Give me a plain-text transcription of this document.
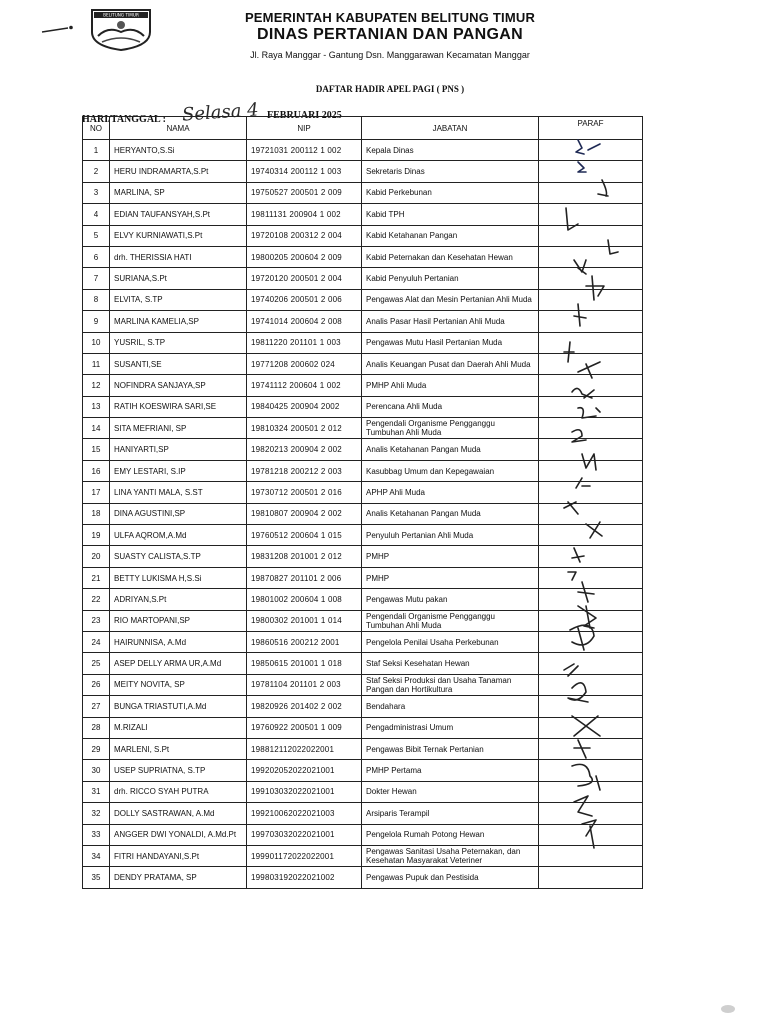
BELITUNG TIMUR	PEMERINTAH KABUPATEN BELITUNG TIMUR
DINAS PERTANIAN DAN PANGAN
Jl. Raya Manggar - Gantung Dsn. Manggarawan Kecamatan Manggar
DAFTAR HADIR APEL PAGI ( PNS )
HARI/TANGGAL : Selasa 4 FEBRUARI 2025
NO	NAMA	NIP	JABATAN	PARAF
1	HERYANTO,S.Si	19721031 200112 1 002	Kepala Dinas	
2	HERU INDRAMARTA,S.Pt	19740314 200112 1 003	Sekretaris Dinas	
3	MARLINA, SP	19750527 200501 2 009	Kabid Perkebunan	
4	EDIAN TAUFANSYAH,S.Pt	19811131 200904 1 002	Kabid TPH	
5	ELVY KURNIAWATI,S.Pt	19720108 200312 2 004	Kabid Ketahanan Pangan	
6	drh. THERISSIA HATI	19800205 200604 2 009	Kabid Peternakan dan Kesehatan Hewan	
7	SURIANA,S.Pt	19720120 200501 2 004	Kabid Penyuluh Pertanian	
8	ELVITA, S.TP	19740206 200501 2 006	Pengawas Alat dan Mesin Pertanian Ahli Muda	
9	MARLINA KAMELIA,SP	19741014 200604 2 008	Analis Pasar Hasil Pertanian Ahli Muda	
10	YUSRIL, S.TP	19811220 201101 1 003	Pengawas Mutu Hasil Pertanian Muda	
11	SUSANTI,SE	19771208 200602 024	Analis Keuangan Pusat dan Daerah Ahli Muda	
12	NOFINDRA SANJAYA,SP	19741112 200604 1 002	PMHP Ahli Muda	
13	RATIH KOESWIRA SARI,SE	19840425 200904 2002	Perencana Ahli Muda	
14	SITA MEFRIANI, SP	19810324 200501 2 012	Pengendali Organisme Pengganggu Tumbuhan Ahli Muda	
15	HANIYARTI,SP	19820213 200904 2 002	Analis Ketahanan Pangan Muda	
16	EMY LESTARI, S.IP	19781218 200212 2 003	Kasubbag Umum dan Kepegawaian	
17	LINA YANTI MALA, S.ST	19730712 200501 2 016	APHP Ahli Muda	
18	DINA AGUSTINI,SP	19810807 200904 2 002	Analis Ketahanan Pangan Muda	
19	ULFA AQROM,A.Md	19760512 200604 1 015	Penyuluh Pertanian Ahli Muda	
20	SUASTY CALISTA,S.TP	19831208 201001 2 012	PMHP	
21	BETTY LUKISMA H,S.Si	19870827 201101 2 006	PMHP	
22	ADRIYAN,S.Pt	19801002 200604 1 008	Pengawas Mutu pakan	
23	RIO MARTOPANI,SP	19800302 201001 1 014	Pengendali Organisme Pengganggu Tumbuhan Ahli Muda	
24	HAIRUNNISA, A.Md	19860516 200212 2001	Pengelola Penilai Usaha Perkebunan	
25	ASEP DELLY ARMA UR,A.Md	19850615 201001 1 018	Staf Seksi Kesehatan Hewan	
26	MEITY NOVITA, SP	19781104 201101 2 003	Staf Seksi Produksi dan Usaha Tanaman Pangan dan Hortikultura	
27	BUNGA TRIASTUTI,A.Md	19820926 201402 2 002	Bendahara	
28	M.RIZALI	19760922 200501 1 009	Pengadministrasi Umum	
29	MARLENI, S.Pt	198812112022022001	Pengawas Bibit Ternak Pertanian	
30	USEP SUPRIATNA, S.TP	199202052022021001	PMHP Pertama	
31	drh. RICCO SYAH PUTRA	199103032022021001	Dokter Hewan	
32	DOLLY SASTRAWAN, A.Md	199210062022021003	Arsiparis Terampil	
33	ANGGER DWI YONALDI, A.Md.Pt	199703032022021001	Pengelola Rumah Potong Hewan	
34	FITRI HANDAYANI,S.Pt	199901172022022001	Pengawas Sanitasi Usaha Peternakan, dan Kesehatan Masyarakat Veteriner	
35	DENDY PRATAMA, SP	199803192022021002	Pengawas Pupuk dan Pestisida	
